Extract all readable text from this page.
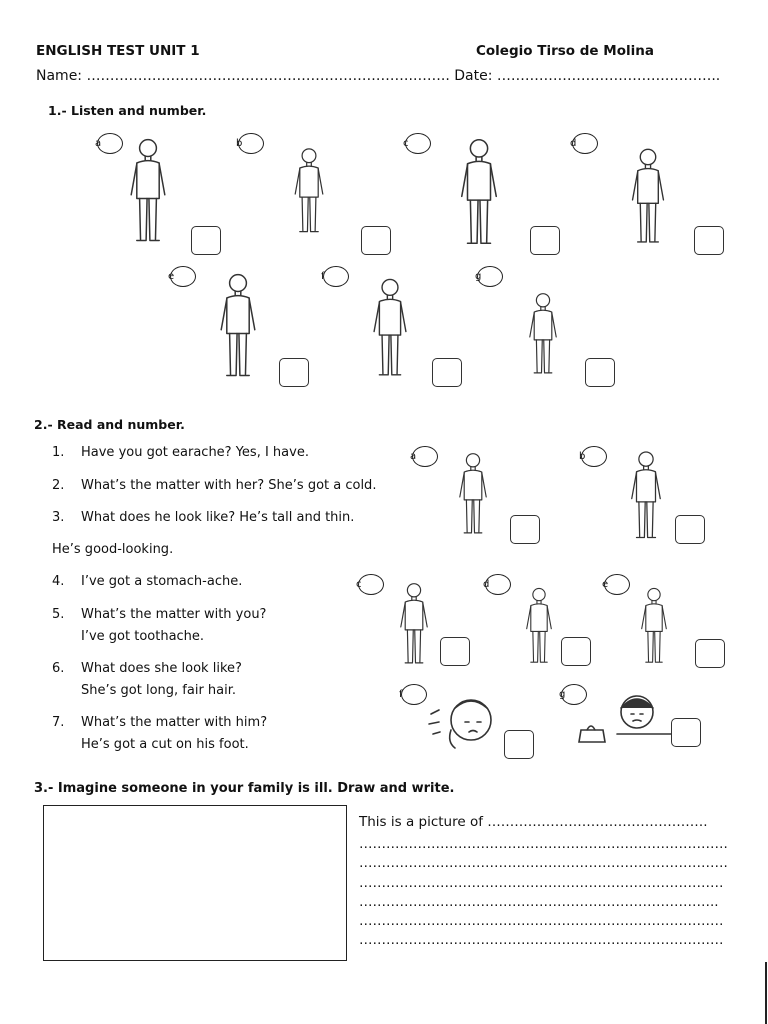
ENGLISH TEST UNIT 1	Colegio Tirso de Molina
Name: …………………………………………………………….…….. Date: ……………………………….………..
1.- Listen and number.
a	b	c	d
e	f	g
2.- Read and number.
1. Have you got earache? Yes, I have.
2. What’s the matter with her? She’s got a cold.
3. What does he look like? He’s tall and thin.
He’s good-looking.
4. I’ve got a stomach-ache.
5. What’s the matter with you?
I’ve got toothache.
6. What does she look like?
She’s got long, fair hair.
7. What’s the matter with him?
He’s got a cut on his foot.
a	b
c	d	e
f	g
3.- Imagine someone in your family is ill. Draw and write.
This is a picture of ………………………………………….
……………………………………………………………………….
……………………………………………………………………….
………………………………………………………………………
……………………………………………………………………..
………………………………………………………………………
………………………………………………………………………
